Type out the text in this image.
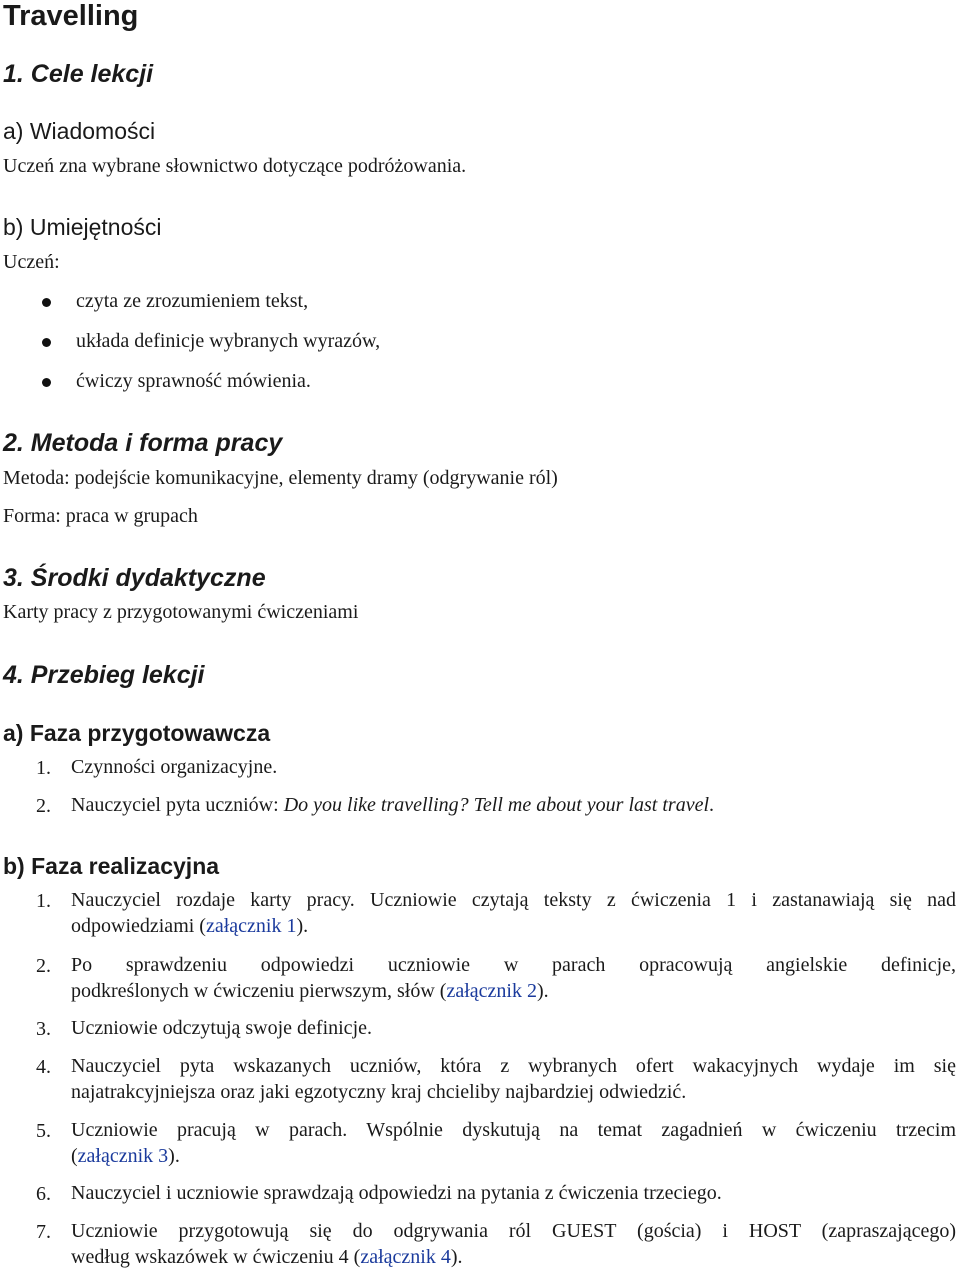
Travelling
1. Cele lekcji
a) Wiadomości
Uczeń zna wybrane słownictwo dotyczące podróżowania.
b) Umiejętności
Uczeń:
czyta ze zrozumieniem tekst,
układa definicje wybranych wyrazów,
ćwiczy sprawność mówienia.
2. Metoda i forma pracy
Metoda: podejście komunikacyjne, elementy dramy (odgrywanie ról)
Forma: praca w grupach
3. Środki dydaktyczne
Karty pracy z przygotowanymi ćwiczeniami
4. Przebieg lekcji
a) Faza przygotowawcza
1. Czynności organizacyjne.
2. Nauczyciel pyta uczniów: Do you like travelling? Tell me about your last travel.
b) Faza realizacyjna
1. Nauczyciel rozdaje karty pracy. Uczniowie czytają teksty z ćwiczenia 1 i zastanawiają się nad
odpowiedziami (załącznik 1).
2. Po sprawdzeniu odpowiedzi uczniowie w parach opracowują angielskie definicje,
podkreślonych w ćwiczeniu pierwszym, słów (załącznik 2).
3. Uczniowie odczytują swoje definicje.
4. Nauczyciel pyta wskazanych uczniów, która z wybranych ofert wakacyjnych wydaje im się
najatrakcyjniejsza oraz jaki egzotyczny kraj chcieliby najbardziej odwiedzić.
5. Uczniowie pracują w parach. Wspólnie dyskutują na temat zagadnień w ćwiczeniu trzecim
(załącznik 3).
6. Nauczyciel i uczniowie sprawdzają odpowiedzi na pytania z ćwiczenia trzeciego.
7. Uczniowie przygotowują się do odgrywania ról GUEST (gościa) i HOST (zapraszającego)
według wskazówek w ćwiczeniu 4 (załącznik 4).
